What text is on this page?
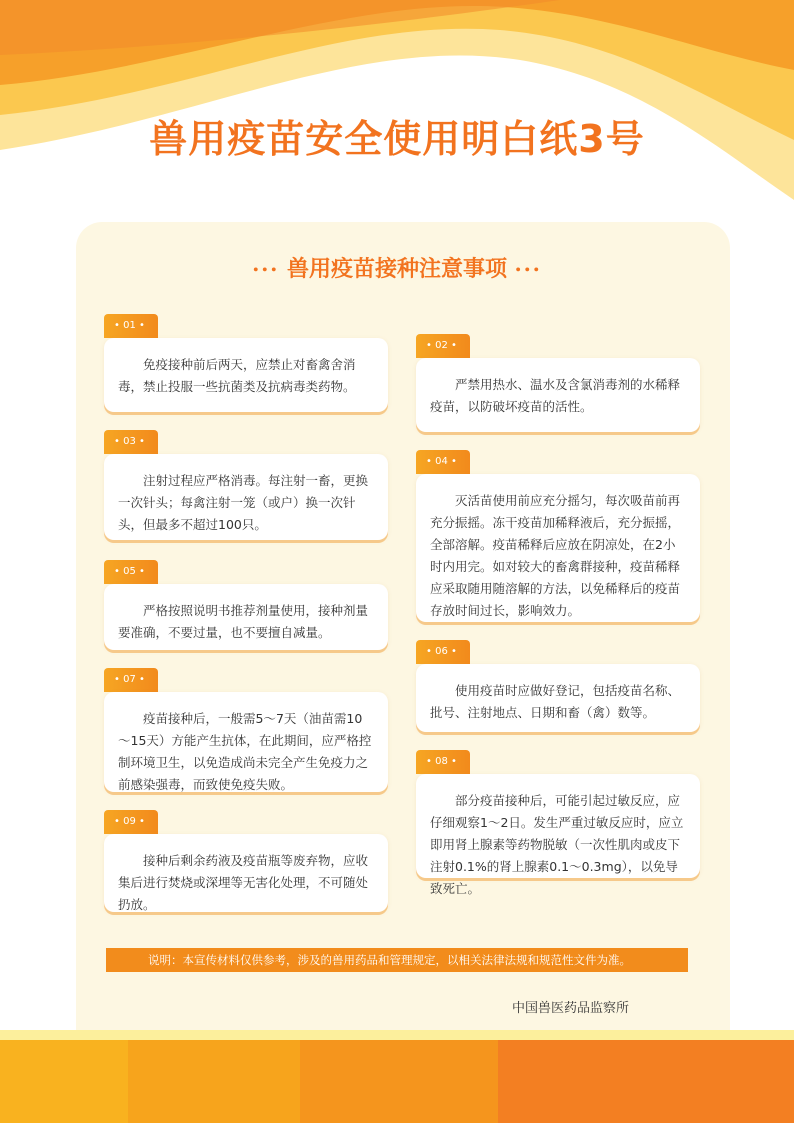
兽用疫苗安全使用明白纸3号
••• 兽用疫苗接种注意事项 •••
• 01 •

免疫接种前后两天，应禁止对畜禽舍消毒，禁止投服一些抗菌类及抗病毒类药物。

• 03 •

注射过程应严格消毒。每注射一畜，更换一次针头；每禽注射一笼（或户）换一次针头，但最多不超过100只。

• 05 •

严格按照说明书推荐剂量使用，接种剂量要准确，不要过量，也不要擅自减量。

• 07 •

疫苗接种后，一般需5～7天（油苗需10～15天）方能产生抗体，在此期间，应严格控制环境卫生，以免造成尚未完全产生免疫力之前感染强毒，而致使免疫失败。

• 09 •

接种后剩余药液及疫苗瓶等废弃物，应收集后进行焚烧或深埋等无害化处理，不可随处扔放。

• 02 •

严禁用热水、温水及含氯消毒剂的水稀释疫苗，以防破坏疫苗的活性。

• 04 •

灭活苗使用前应充分摇匀，每次吸苗前再充分振摇。冻干疫苗加稀释液后，充分振摇，全部溶解。疫苗稀释后应放在阴凉处，在2小时内用完。如对较大的畜禽群接种，疫苗稀释应采取随用随溶解的方法，以免稀释后的疫苗存放时间过长，影响效力。

• 06 •

使用疫苗时应做好登记，包括疫苗名称、批号、注射地点、日期和畜（禽）数等。

• 08 •

部分疫苗接种后，可能引起过敏反应，应仔细观察1～2日。发生严重过敏反应时，应立即用肾上腺素等药物脱敏（一次性肌肉或皮下注射0.1%的肾上腺素0.1～0.3mg），以免导致死亡。

说明：本宣传材料仅供参考，涉及的兽用药品和管理规定，以相关法律法规和规范性文件为准。
中国兽医药品监察所
